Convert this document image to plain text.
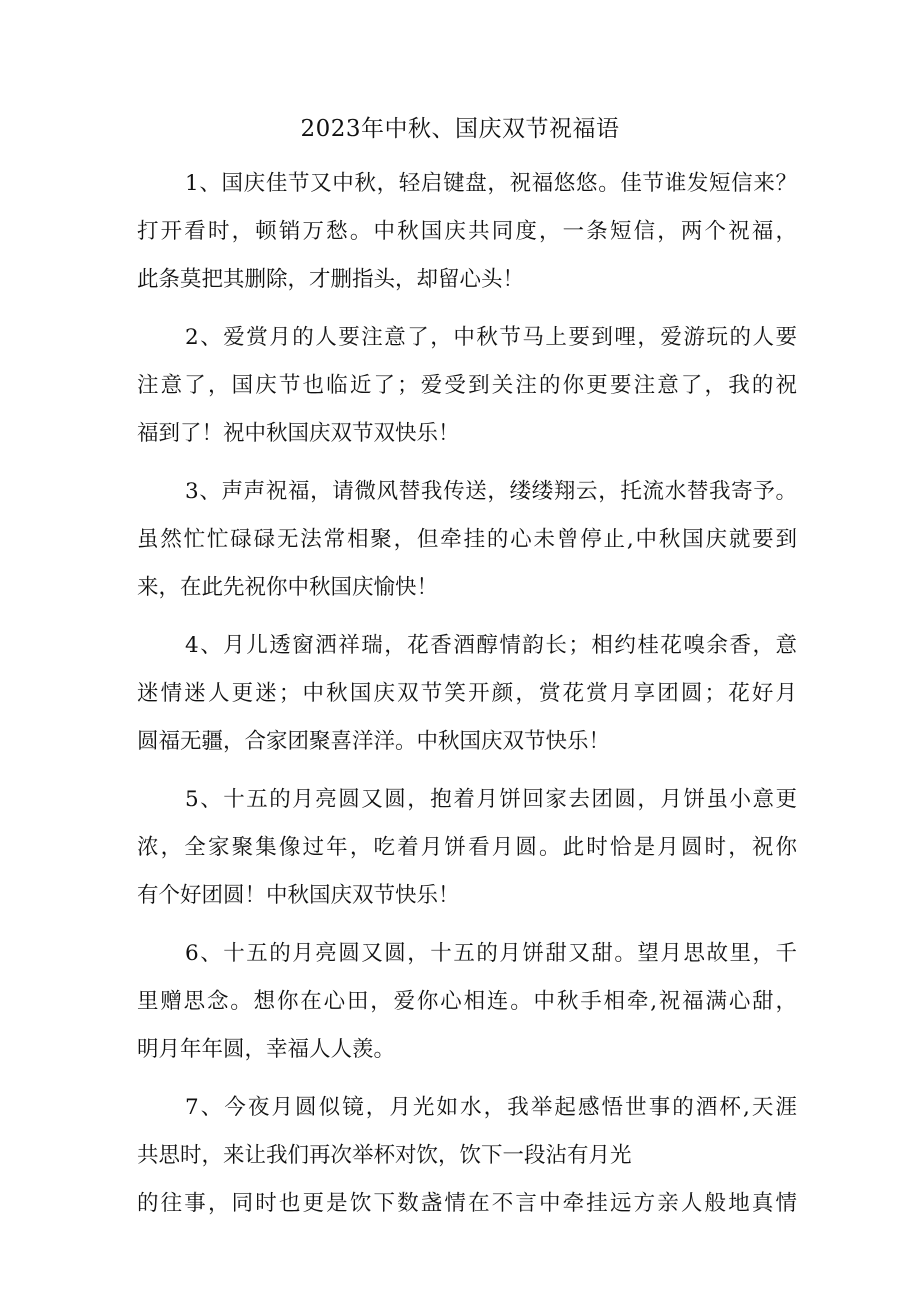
2023年中秋、国庆双节祝福语
1、国庆佳节又中秋，轻启键盘，祝福悠悠。佳节谁发短信来？
打开看时，顿销万愁。中秋国庆共同度，一条短信，两个祝福，
此条莫把其删除，才删指头，却留心头！
2、爱赏月的人要注意了，中秋节马上要到哩，爱游玩的人要
注意了，国庆节也临近了；爱受到关注的你更要注意了，我的祝
福到了！祝中秋国庆双节双快乐！
3、声声祝福，请微风替我传送，缕缕翔云，托流水替我寄予。
虽然忙忙碌碌无法常相聚，但牵挂的心未曾停止,中秋国庆就要到
来，在此先祝你中秋国庆愉快！
4、月儿透窗洒祥瑞，花香酒醇情韵长；相约桂花嗅余香，意
迷情迷人更迷；中秋国庆双节笑开颜，赏花赏月享团圆；花好月
圆福无疆，合家团聚喜洋洋。中秋国庆双节快乐！
5、十五的月亮圆又圆，抱着月饼回家去团圆，月饼虽小意更
浓，全家聚集像过年，吃着月饼看月圆。此时恰是月圆时，祝你
有个好团圆！中秋国庆双节快乐！
6、十五的月亮圆又圆，十五的月饼甜又甜。望月思故里，千
里赠思念。想你在心田，爱你心相连。中秋手相牵,祝福满心甜，
明月年年圆，幸福人人羡。
7、今夜月圆似镜，月光如水，我举起感悟世事的酒杯,天涯
共思时，来让我们再次举杯对饮，饮下一段沾有月光
的往事，同时也更是饮下数盏情在不言中牵挂远方亲人般地真情
